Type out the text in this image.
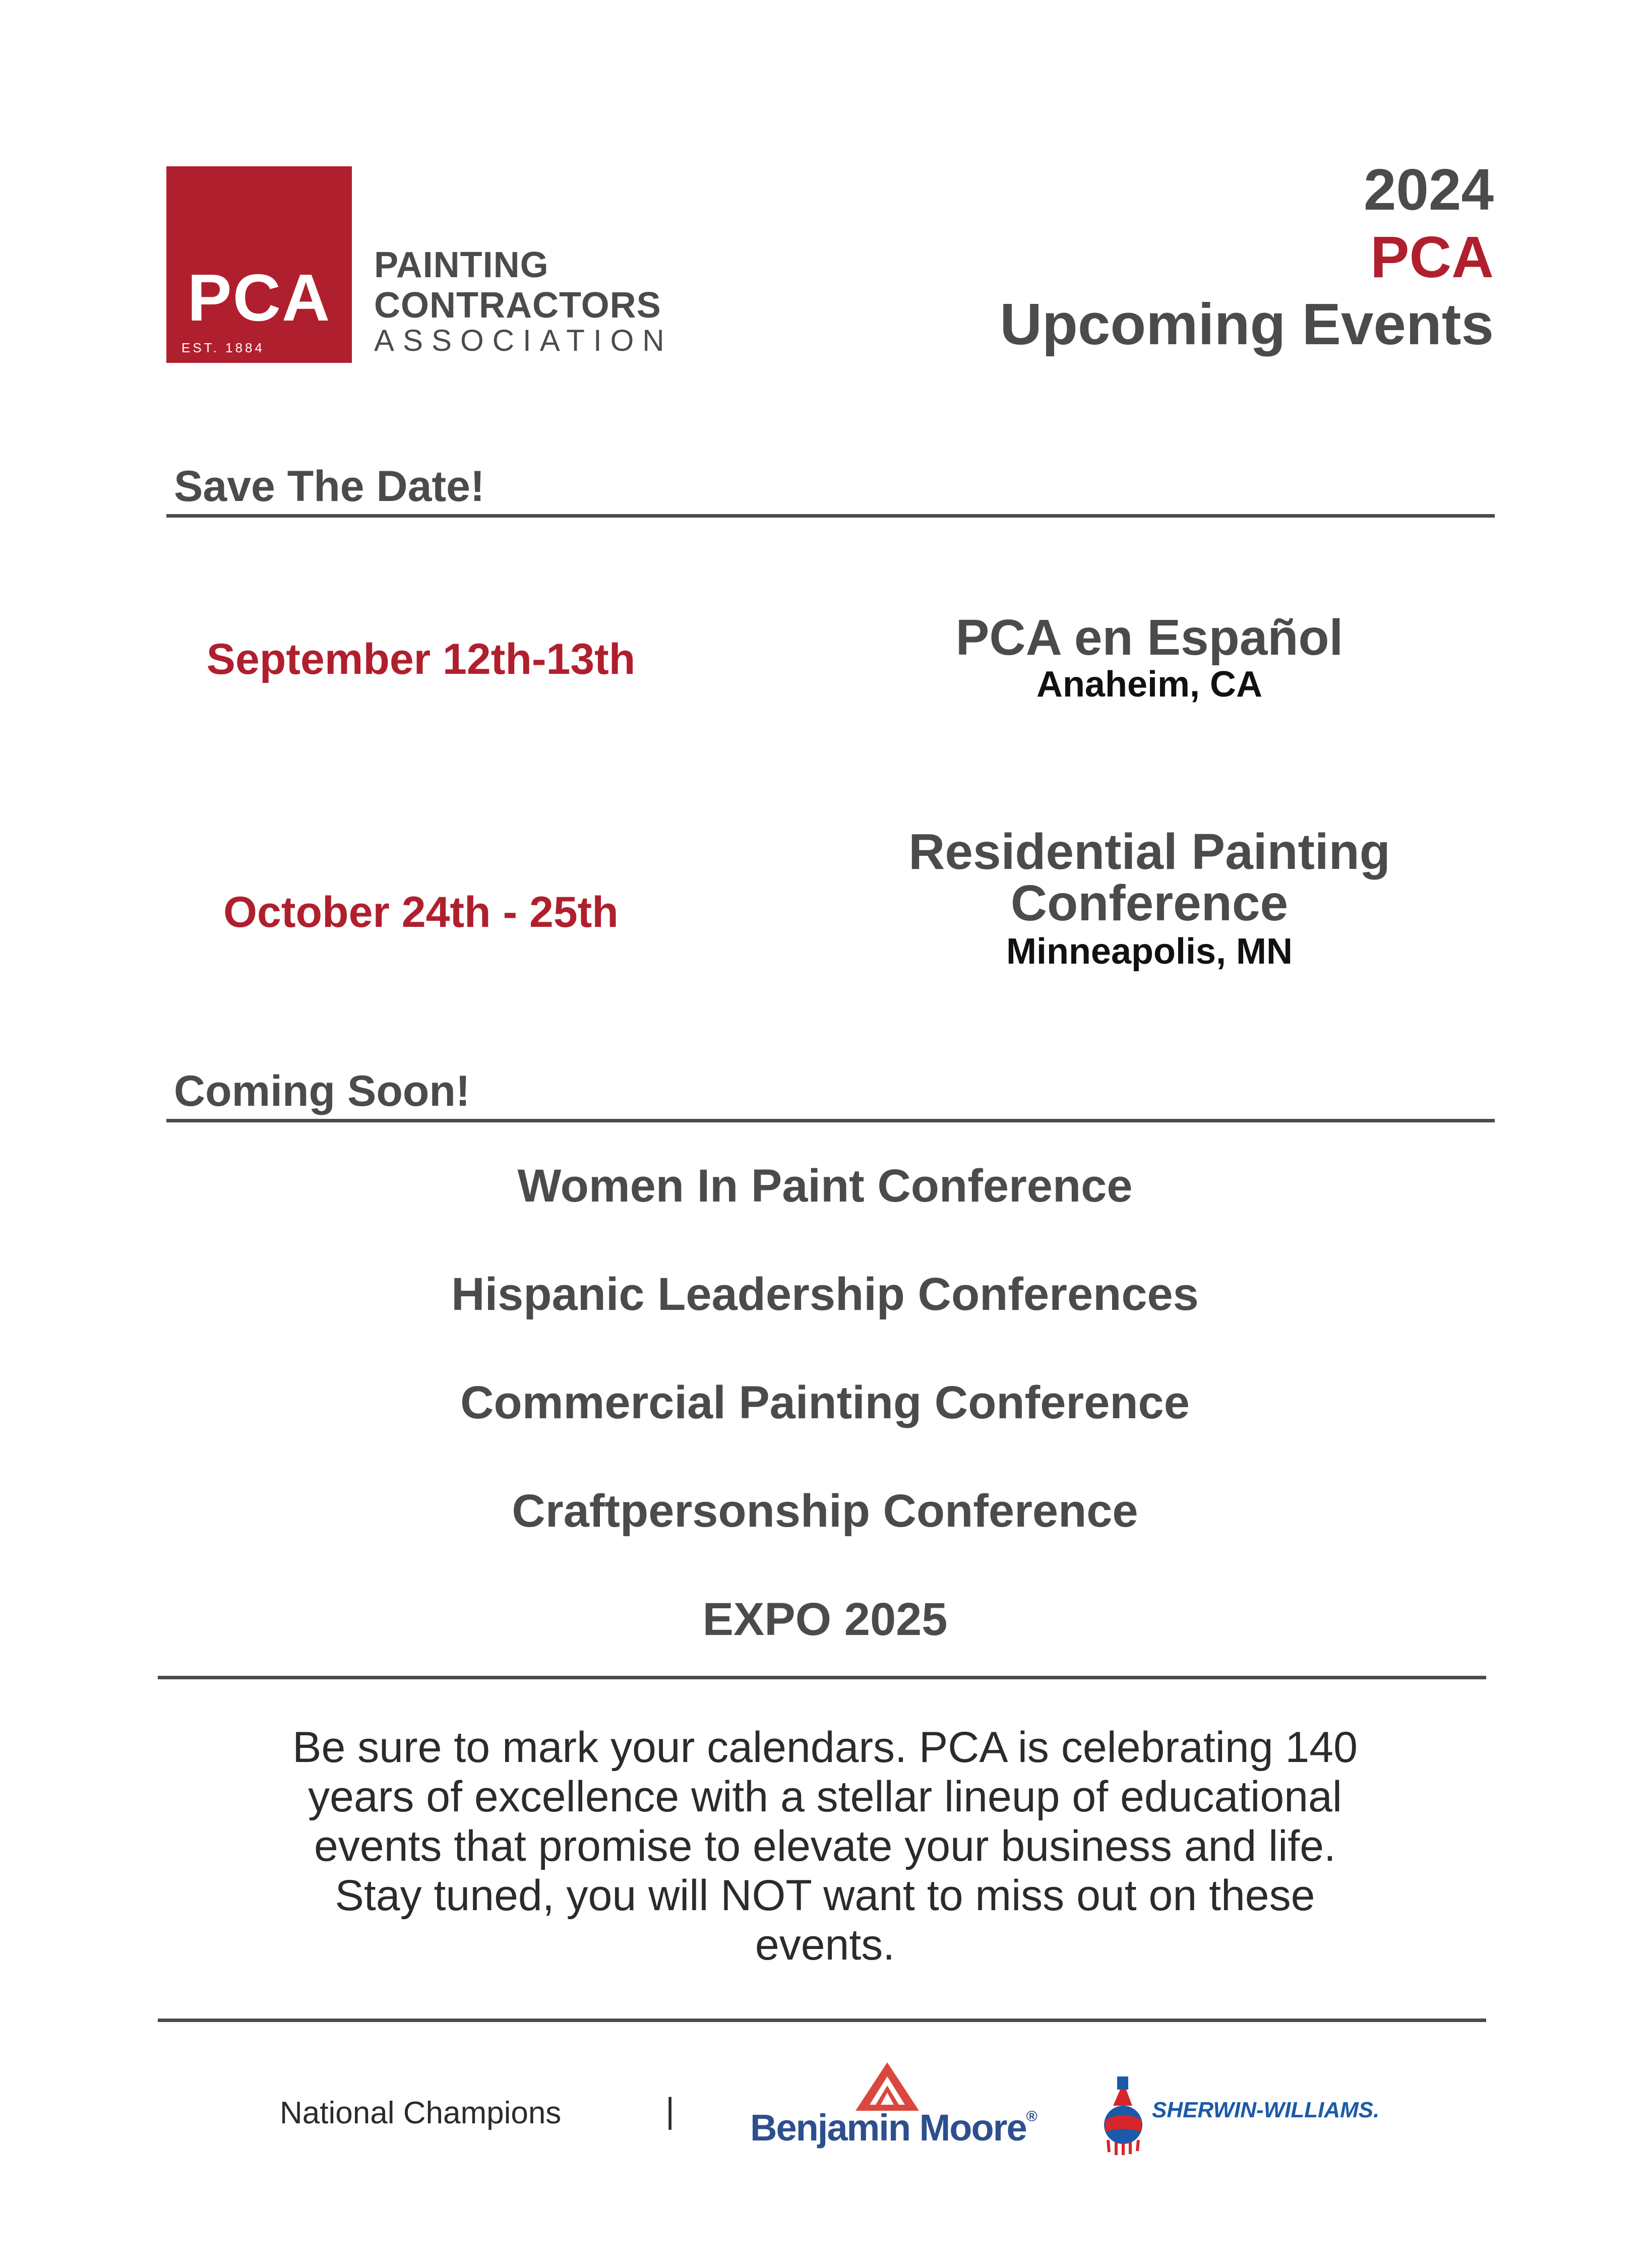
PCA
EST. 1884
PAINTING
CONTRACTORS
ASSOCIATION
2024
PCA
Upcoming Events
Save The Date!
September 12th-13th	PCA en Español
Anaheim, CA
October 24th - 25th
Residential Painting
Conference
Minneapolis, MN
Coming Soon!
Women In Paint Conference
Hispanic Leadership Conferences
Commercial Painting Conference
Craftpersonship Conference
EXPO 2025
Be sure to mark your calendars. PCA is celebrating 140
years of excellence with a stellar lineup of educational
events that promise to elevate your business and life.
Stay tuned, you will NOT want to miss out on these
events.
National Champions	| Benjamin Moore®	SHERWIN-WILLIAMS.
